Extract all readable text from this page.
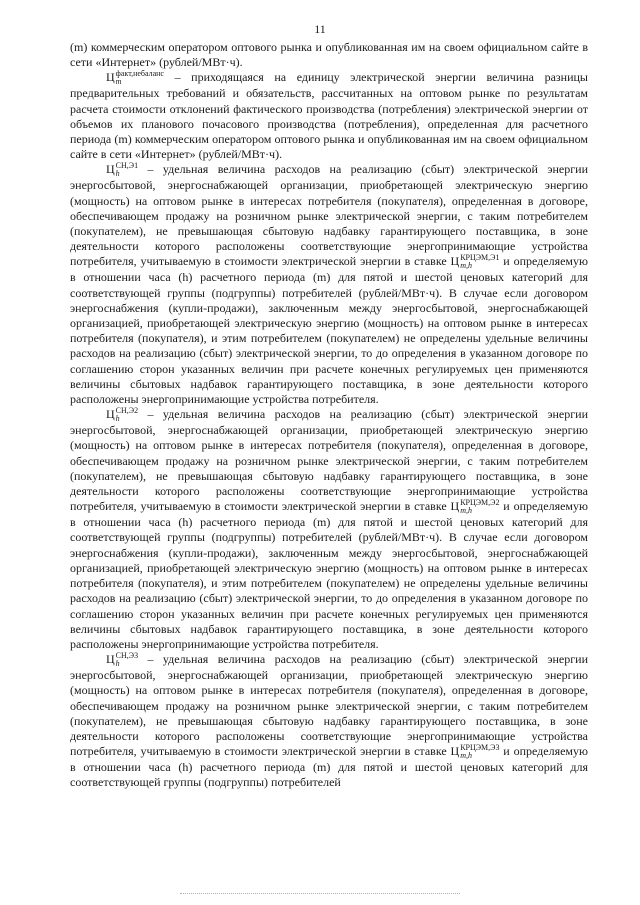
11

(m) коммерческим оператором оптового рынка и опубликованная им на своем официальном сайте в сети «Интернет» (рублей/МВт·ч).

Ц факт,небаланс
m	– приходящаяся на единицу электрической энергии величина разницы предварительных требований и обязательств, рассчитанных на оптовом рынке по результатам расчета стоимости отклонений фактического производства (потребления) электрической энергии от объемов их планового почасового производства (потребления), определенная для расчетного периода (m) коммерческим оператором оптового рынка и опубликованная им на своем официальном сайте в сети «Интернет» (рублей/МВт·ч).

Ц СН,Э1
h	– удельная величина расходов на реализацию (сбыт) электрической энергии энергосбытовой, энергоснабжающей организации, приобретающей электрическую энергию (мощность) на оптовом рынке в интересах потребителя (покупателя), определенная в договоре, обеспечивающем продажу на розничном рынке электрической энергии, с таким потребителем (покупателем), не превышающая сбытовую надбавку гарантирующего поставщика, в зоне деятельности которого расположены соответствующие энергопринимающие устройства потребителя, учитываемую в стоимости электрической энергии в ставке Ц КРЦЭМ,Э1
m,h	и определяемую в отношении часа (h) расчетного периода (m) для пятой и шестой ценовых категорий для соответствующей группы (подгруппы) потребителей (рублей/МВт·ч). В случае если договором энергоснабжения (купли-продажи), заключенным между энергосбытовой, энергоснабжающей организацией, приобретающей электрическую энергию (мощность) на оптовом рынке в интересах потребителя (покупателя), и этим потребителем (покупателем) не определены удельные величины расходов на реализацию (сбыт) электрической энергии, то до определения в указанном договоре по соглашению сторон указанных величин при расчете конечных регулируемых цен применяются величины сбытовых надбавок гарантирующего поставщика, в зоне деятельности которого расположены энергопринимающие устройства потребителя.

Ц СН,Э2
h	– удельная величина расходов на реализацию (сбыт) электрической энергии энергосбытовой, энергоснабжающей организации, приобретающей электрическую энергию (мощность) на оптовом рынке в интересах потребителя (покупателя), определенная в договоре, обеспечивающем продажу на розничном рынке электрической энергии, с таким потребителем (покупателем), не превышающая сбытовую надбавку гарантирующего поставщика, в зоне деятельности которого расположены соответствующие энергопринимающие устройства потребителя, учитываемую в стоимости электрической энергии в ставке Ц КРЦЭМ,Э2
m,h	и определяемую в отношении часа (h) расчетного периода (m) для пятой и шестой ценовых категорий для соответствующей группы (подгруппы) потребителей (рублей/МВт·ч). В случае если договором энергоснабжения (купли-продажи), заключенным между энергосбытовой, энергоснабжающей организацией, приобретающей электрическую энергию (мощность) на оптовом рынке в интересах потребителя (покупателя), и этим потребителем (покупателем) не определены удельные величины расходов на реализацию (сбыт) электрической энергии, то до определения в указанном договоре по соглашению сторон указанных величин при расчете конечных регулируемых цен применяются величины сбытовых надбавок гарантирующего поставщика, в зоне деятельности которого расположены энергопринимающие устройства потребителя.

Ц СН,Э3
h	– удельная величина расходов на реализацию (сбыт) электрической энергии энергосбытовой, энергоснабжающей организации, приобретающей электрическую энергию (мощность) на оптовом рынке в интересах потребителя (покупателя), определенная в договоре, обеспечивающем продажу на розничном рынке электрической энергии, с таким потребителем (покупателем), не превышающая сбытовую надбавку гарантирующего поставщика, в зоне деятельности которого расположены соответствующие энергопринимающие устройства потребителя, учитываемую в стоимости электрической энергии в ставке Ц КРЦЭМ,Э3
m,h	и определяемую в отношении часа (h) расчетного периода (m) для пятой и шестой ценовых категорий для соответствующей группы (подгруппы) потребителей
